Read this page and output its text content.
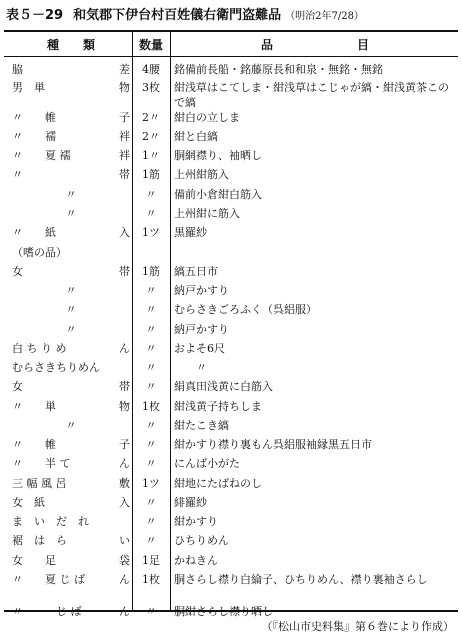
表５－29 和気郡下伊台村百姓儀右衛門盗難品 （明治2年7/28）
種　　類	数量	品　　　　　　　目
脇	差	4腰	銘備前長船・銘藤原長和和泉・無銘・無銘
男　単	物	3枚	紺浅草はこてしま・紺浅草はこじゃが縞・紺浅黄茶こので縞
〃　　帷	子	2〃	紺白の立しま
〃　　襦	袢	2〃	紺と白縞
〃　　夏 襦	袢	1〃	胴網襟り、袖晒し
〃	帯	1筋	上州紺筋入
〃	〃	備前小倉紺白筋入
〃	〃	上州紺に筋入
〃　　紙	入	1ツ	黒羅紗
（嗜の品）
女	帯	1筋	縞五日市
〃	〃	納戸かすり
〃	〃	むらさきごろふく（呉絽服）
〃	〃	納戸かすり
白 ち り め	ん	〃	およそ6尺
むらさきちりめん	〃	　　〃
女	帯	〃	絹真田浅黄に白筋入
〃　　単	物	1枚	紺浅黄子持ちしま
〃	〃	紺たこき縞
〃　　帷	子	〃	紺かすり襟り裏もん呉絽服袖縁黒五日市
〃　　半 て	ん	〃	にんば小がた
三 幅 風 呂	敷	1ツ	紺地にたばねのし
女　紙	入	〃	緋羅紗
ま　い　だ　れ	〃	紺かすり
裾　は　ら	い	〃	ひちりめん
女　　足	袋	1足	かねきん
〃　　夏 じ ば	ん	1枚	胴さらし襟り白綸子、ひちりめん、襟り裏袖さらし
〃　　　じ ば	ん	〃	胴紺さらし襟り晒し
（『松山市史料集』第６巻により作成）
